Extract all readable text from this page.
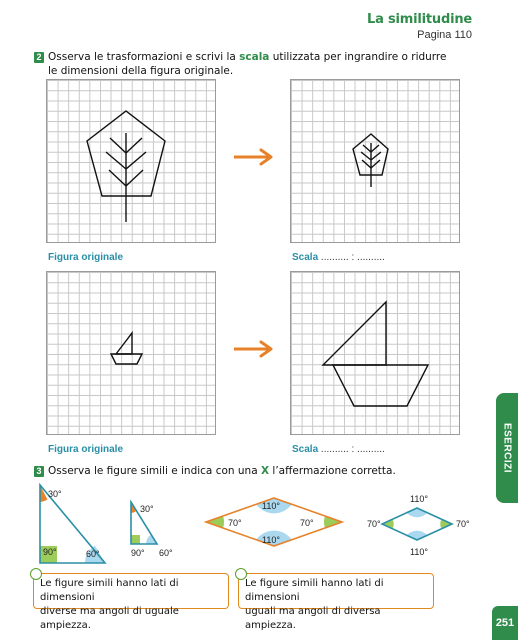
La similitudine
Pagina 110
2 Osserva le trasformazioni e scrivi la scala utilizzata per ingrandire o ridurre
le dimensioni della figura originale.
Figura originale	Scala .......... : ..........
Figura originale	Scala .......... : ..........
3 Osserva le figure simili e indica con una X l’affermazione corretta.
30°
90°	60°
30°
90° 60°
110°
70°	70°
110°
110°
70°	70°
110°
Le figure simili hanno lati di dimensioni
diverse ma angoli di uguale ampiezza.
Le figure simili hanno lati di dimensioni
uguali ma angoli di diversa ampiezza.
ESERCIZI
251
